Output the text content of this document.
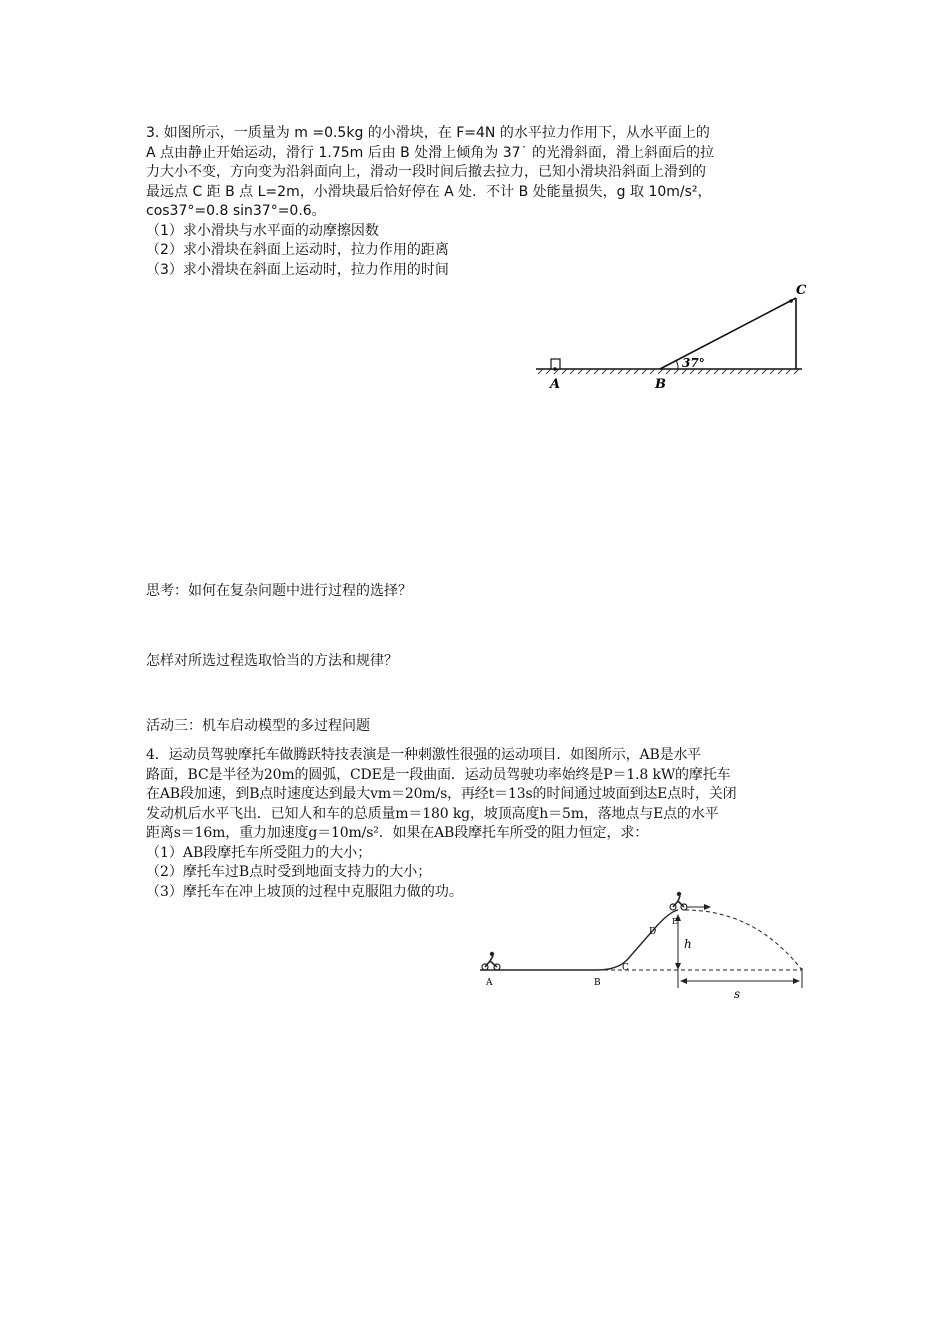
3. 如图所示，一质量为 m =0.5kg 的小滑块，在 F=4N 的水平拉力作用下，从水平面上的
A 点由静止开始运动，滑行 1.75m 后由 B 处滑上倾角为 37˙ 的光滑斜面，滑上斜面后的拉
力大小不变，方向变为沿斜面向上，滑动一段时间后撤去拉力，已知小滑块沿斜面上滑到的
最远点 C 距 B 点 L=2m，小滑块最后恰好停在 A 处．不计 B 处能量损失，g 取 10m/s²，
cos37°=0.8 sin37°=0.6。
（1）求小滑块与水平面的动摩擦因数
（2）求小滑块在斜面上运动时，拉力作用的距离
（3）求小滑块在斜面上运动时，拉力作用的时间
37°
A	B
C
思考：如何在复杂问题中进行过程的选择？
怎样对所选过程选取恰当的方法和规律？
活动三：机车启动模型的多过程问题
4．运动员驾驶摩托车做腾跃特技表演是一种刺激性很强的运动项目．如图所示，AB是水平
路面，BC是半径为20m的圆弧，CDE是一段曲面．运动员驾驶功率始终是P＝1.8 kW的摩托车
在AB段加速，到B点时速度达到最大vm＝20m/s，再经t＝13s的时间通过坡面到达E点时，关闭
发动机后水平飞出．已知人和车的总质量m＝180 kg，坡顶高度h＝5m，落地点与E点的水平
距离s＝16m，重力加速度g＝10m/s²．如果在AB段摩托车所受的阻力恒定，求：
（1）AB段摩托车所受阻力的大小；
（2）摩托车过B点时受到地面支持力的大小；
（3）摩托车在冲上坡顶的过程中克服阻力做的功。
A	B
C
D
E
h
s
